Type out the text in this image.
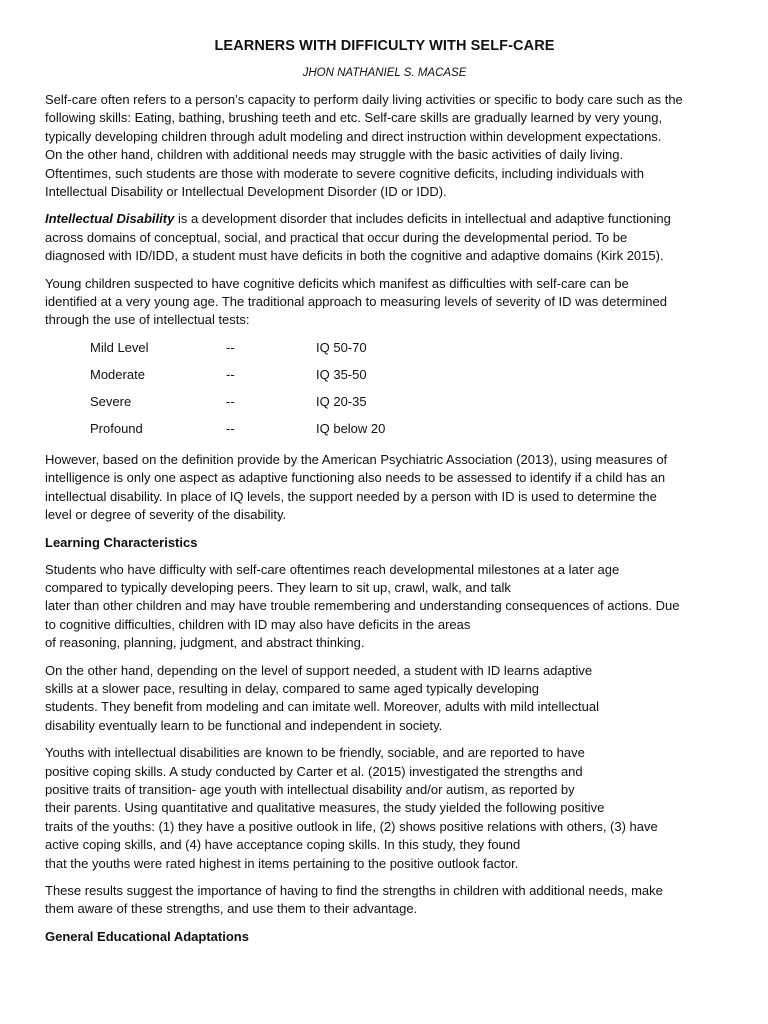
LEARNERS WITH DIFFICULTY WITH SELF-CARE
JHON NATHANIEL S. MACASE

Self-care often refers to a person’s capacity to perform daily living activities or specific to body care such as the
following skills: Eating, bathing, brushing teeth and etc. Self-care skills are gradually learned by very young,
typically developing children through adult modeling and direct instruction within development expectations.
On the other hand, children with additional needs may struggle with the basic activities of daily living.
Oftentimes, such students are those with moderate to severe cognitive deficits, including individuals with
Intellectual Disability or Intellectual Development Disorder (ID or IDD).

Intellectual Disability is a development disorder that includes deficits in intellectual and adaptive functioning
across domains of conceptual, social, and practical that occur during the developmental period. To be
diagnosed with ID/IDD, a student must have deficits in both the cognitive and adaptive domains (Kirk 2015).

Young children suspected to have cognitive deficits which manifest as difficulties with self-care can be
identified at a very young age. The traditional approach to measuring levels of severity of ID was determined
through the use of intellectual tests:

Mild Level	--	IQ 50-70
Moderate	--	IQ 35-50
Severe	--	IQ 20-35
Profound	--	IQ below 20

However, based on the definition provide by the American Psychiatric Association (2013), using measures of
intelligence is only one aspect as adaptive functioning also needs to be assessed to identify if a child has an
intellectual disability. In place of IQ levels, the support needed by a person with ID is used to determine the
level or degree of severity of the disability.

Learning Characteristics

Students who have difficulty with self-care oftentimes reach developmental milestones at a later age
compared to typically developing peers. They learn to sit up, crawl, walk, and talk
later than other children and may have trouble remembering and understanding consequences of actions. Due
to cognitive difficulties, children with ID may also have deficits in the areas
of reasoning, planning, judgment, and abstract thinking.

On the other hand, depending on the level of support needed, a student with ID learns adaptive
skills at a slower pace, resulting in delay, compared to same aged typically developing
students. They benefit from modeling and can imitate well. Moreover, adults with mild intellectual
disability eventually learn to be functional and independent in society.

Youths with intellectual disabilities are known to be friendly, sociable, and are reported to have
positive coping skills. A study conducted by Carter et al. (2015) investigated the strengths and
positive traits of transition- age youth with intellectual disability and/or autism, as reported by
their parents. Using quantitative and qualitative measures, the study yielded the following positive
traits of the youths: (1) they have a positive outlook in life, (2) shows positive relations with others, (3) have
active coping skills, and (4) have acceptance coping skills. In this study, they found
that the youths were rated highest in items pertaining to the positive outlook factor.

These results suggest the importance of having to find the strengths in children with additional needs, make
them aware of these strengths, and use them to their advantage.

General Educational Adaptations
